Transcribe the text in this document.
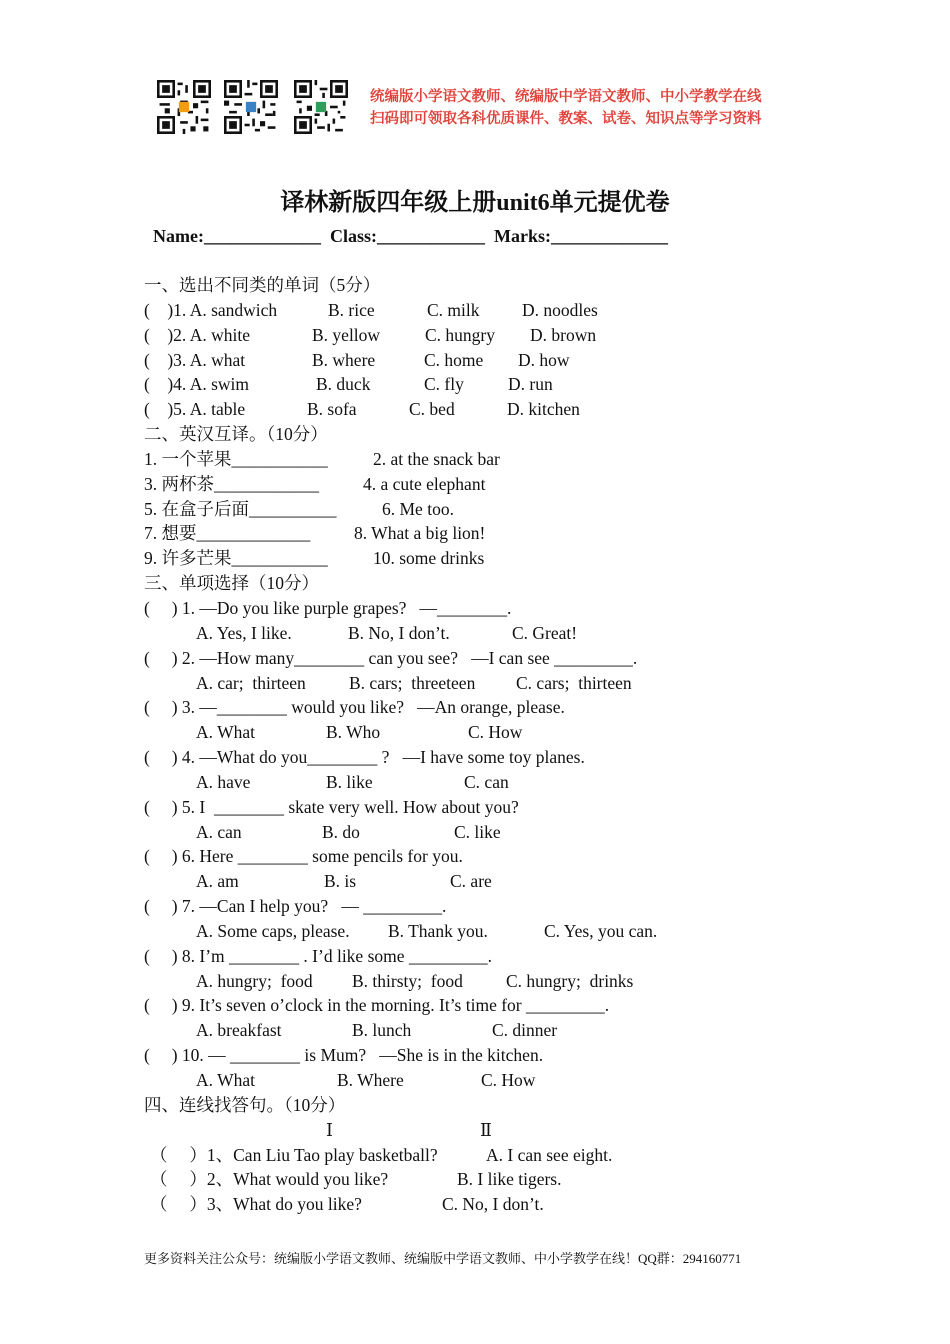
统编版小学语文教师、统编版中学语文教师、中小学教学在线
扫码即可领取各科优质课件、教案、试卷、知识点等学习资料
译林新版四年级上册unit6单元提优卷
Name:_____________  Class:____________  Marks:_____________
一、选出不同类的单词（5分）
(    )1. A. sandwich	B. rice	C. milk D. noodles
(    )2. A. white	B. yellow	C. hungry D. brown
(    )3. A. what	B. where	C. home D. how
(    )4. A. swim	B. duck	C. fly	D. run
(    )5. A. table	B. sofa	C. bed	D. kitchen
二、英汉互译。（10分）
1. 一个苹果___________	2. at the snack bar
3. 两杯茶____________	4. a cute elephant
5. 在盒子后面__________	6. Me too.
7. 想要_____________	8. What a big lion!
9. 许多芒果___________	10. some drinks
三、单项选择（10分）
(     ) 1. —Do you like purple grapes?   —________.
A. Yes, I like.	B. No, I don’t.	C. Great!
(     ) 2. —How many________ can you see?   —I can see _________.
A. car;  thirteen B. cars;  threeteen C. cars;  thirteen
(     ) 3. —________ would you like?   —An orange, please.
A. What	B. Who	C. How
(     ) 4. —What do you________ ?   —I have some toy planes.
A. have	B. like	C. can
(     ) 5. I  ________ skate very well. How about you?
A. can	B. do	C. like
(     ) 6. Here ________ some pencils for you.
A. am	B. is	C. are
(     ) 7. —Can I help you?   — _________.
A. Some caps, please. B. Thank you.	C. Yes, you can.
(     ) 8. I’m ________ . I’d like some _________.
A. hungry;  food B. thirsty;  food C. hungry;  drinks
(     ) 9. It’s seven o’clock in the morning. It’s time for _________.
A. breakfast	B. lunch	C. dinner
(     ) 10. — ________ is Mum?   —She is in the kitchen.
A. What	B. Where	C. How
四、连线找答句。（10分）
Ⅰ	Ⅱ
（     ）1、Can Liu Tao play basketball?	A. I can see eight.
（     ）2、What would you like?	B. I like tigers.
（     ）3、What do you like?	C. No, I don’t.
更多资料关注公众号：统编版小学语文教师、统编版中学语文教师、中小学教学在线！QQ群：294160771
